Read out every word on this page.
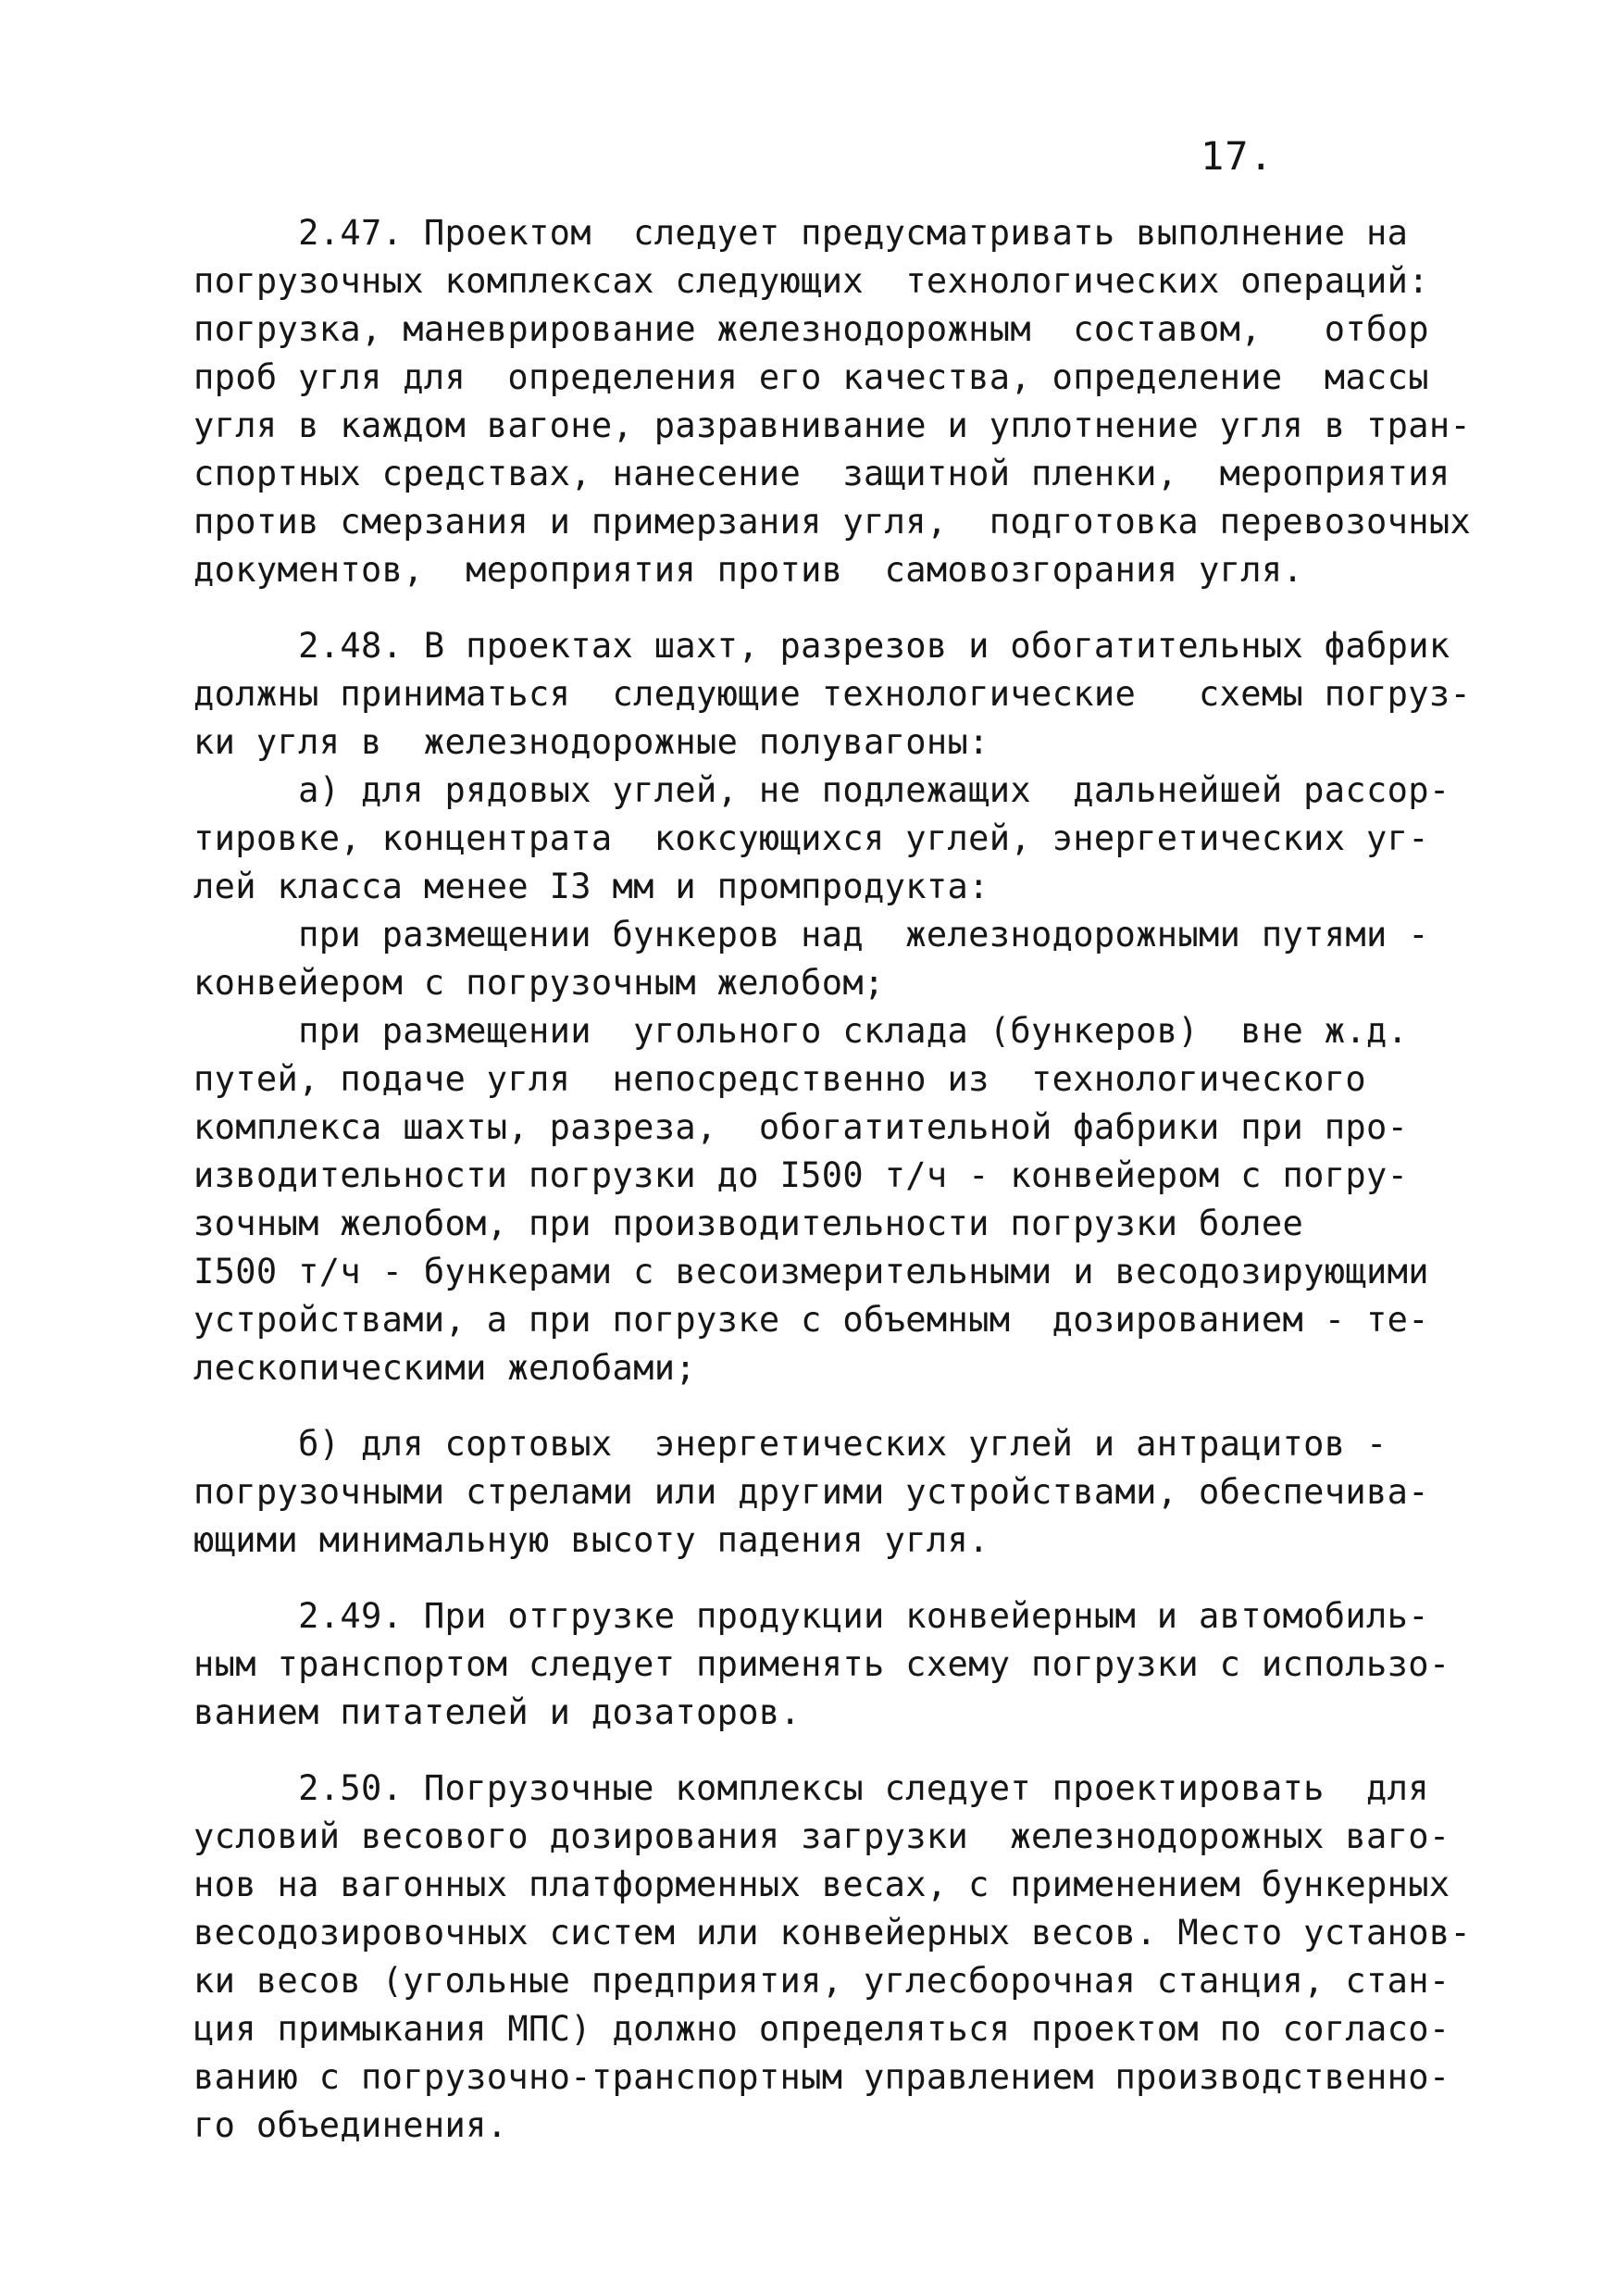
17.
2.47. Проектом  следует предусматривать выполнение на
погрузочных комплексах следующих  технологических операций:
погрузка, маневрирование железнодорожным  составом,   отбор
проб угля для  определения его качества, определение  массы
угля в каждом вагоне, разравнивание и уплотнение угля в тран-
спортных средствах, нанесение  защитной пленки,  мероприятия
против смерзания и примерзания угля,  подготовка перевозочных
документов,  мероприятия против  самовозгорания угля.
2.48. В проектах шахт, разрезов и обогатительных фабрик
должны приниматься  следующие технологические   схемы погруз-
ки угля в  железнодорожные полувагоны:
а) для рядовых углей, не подлежащих  дальнейшей рассор-
тировке, концентрата  коксующихся углей, энергетических уг-
лей класса менее I3 мм и промпродукта:
при размещении бункеров над  железнодорожными путями -
конвейером с погрузочным желобом;
при размещении  угольного склада (бункеров)  вне ж.д.
путей, подаче угля  непосредственно из  технологического
комплекса шахты, разреза,  обогатительной фабрики при про-
изводительности погрузки до I500 т/ч - конвейером с погру-
зочным желобом, при производительности погрузки более
I500 т/ч - бункерами с весоизмерительными и весодозирующими
устройствами, а при погрузке с объемным  дозированием - те-
лескопическими желобами;
б) для сортовых  энергетических углей и антрацитов -
погрузочными стрелами или другими устройствами, обеспечива-
ющими минимальную высоту падения угля.
2.49. При отгрузке продукции конвейерным и автомобиль-
ным транспортом следует применять схему погрузки с использо-
ванием питателей и дозаторов.
2.50. Погрузочные комплексы следует проектировать  для
условий весового дозирования загрузки  железнодорожных ваго-
нов на вагонных платформенных весах, с применением бункерных
весодозировочных систем или конвейерных весов. Место установ-
ки весов (угольные предприятия, углесборочная станция, стан-
ция примыкания МПС) должно определяться проектом по согласо-
ванию с погрузочно-транспортным управлением производственно-
го объединения.
